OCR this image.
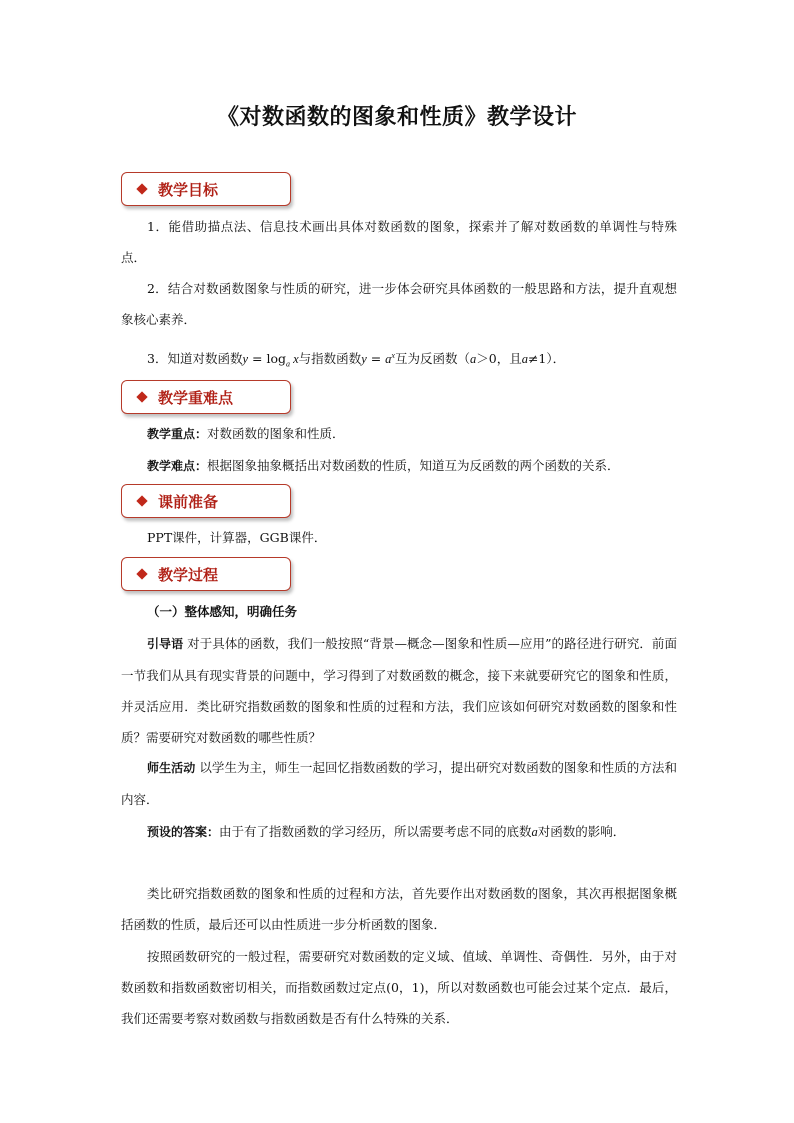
《对数函数的图象和性质》教学设计
教学目标
1．能借助描点法、信息技术画出具体对数函数的图象，探索并了解对数函数的单调性与特殊点．
2．结合对数函数图象与性质的研究，进一步体会研究具体函数的一般思路和方法，提升直观想象核心素养．
3．知道对数函数$y = \log_a x$与指数函数$y = a^x$互为反函数（a＞0，且a≠1）．
教学重难点
教学重点：对数函数的图象和性质．
教学难点：根据图象抽象概括出对数函数的性质，知道互为反函数的两个函数的关系．
课前准备
PPT课件，计算器，GGB课件．
教学过程
（一）整体感知，明确任务
引导语 对于具体的函数，我们一般按照“背景—概念—图象和性质—应用”的路径进行研究．前面一节我们从具有现实背景的问题中，学习得到了对数函数的概念，接下来就要研究它的图象和性质，并灵活应用．类比研究指数函数的图象和性质的过程和方法，我们应该如何研究对数函数的图象和性质？需要研究对数函数的哪些性质？
师生活动 以学生为主，师生一起回忆指数函数的学习，提出研究对数函数的图象和性质的方法和内容．
预设的答案：由于有了指数函数的学习经历，所以需要考虑不同的底数a对函数的影响．
类比研究指数函数的图象和性质的过程和方法，首先要作出对数函数的图象，其次再根据图象概括函数的性质，最后还可以由性质进一步分析函数的图象．
按照函数研究的一般过程，需要研究对数函数的定义域、值域、单调性、奇偶性．另外，由于对数函数和指数函数密切相关，而指数函数过定点(0，1)，所以对数函数也可能会过某个定点．最后，我们还需要考察对数函数与指数函数是否有什么特殊的关系．
